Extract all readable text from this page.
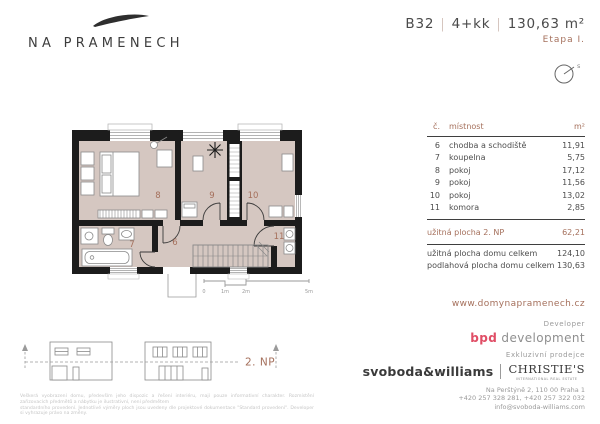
NA PRAMENECH
B32 | 4+kk | 130,63 m²
Etapa I.
s
8	9	10
7	6
11
0	1m	2m	5m
č. místnost	m²
6 chodba a schodiště	11,91
7 koupelna	5,75
8 pokoj	17,12
9 pokoj	11,56
10 pokoj	13,02
11 komora	2,85
užitná plocha 2. NP	62,21
užitná plocha domu celkem 124,10
podlahová plocha domu celkem 130,63
www.domynapramenech.cz
Developer
bpd development
Exkluzivní prodejce
svoboda&williams CHRISTIE'S
INTERNATIONAL REAL ESTATE
Na Perštýně 2, 110 00 Praha 1
+420 257 328 281, +420 257 322 032
info@svoboda-williams.com
2. NP
Veškerá vyobrazení domu, především jeho dispozic a řešení interiéru, mají pouze informativní charakter. Rozmístění zařizovacích předmětů a nábytku je ilustrativní, není předmětem
standardního provedení. Jednotlivé výměry ploch jsou uvedeny dle projektové dokumentace "Standard provedení". Developer si vyhrazuje právo na změny.
